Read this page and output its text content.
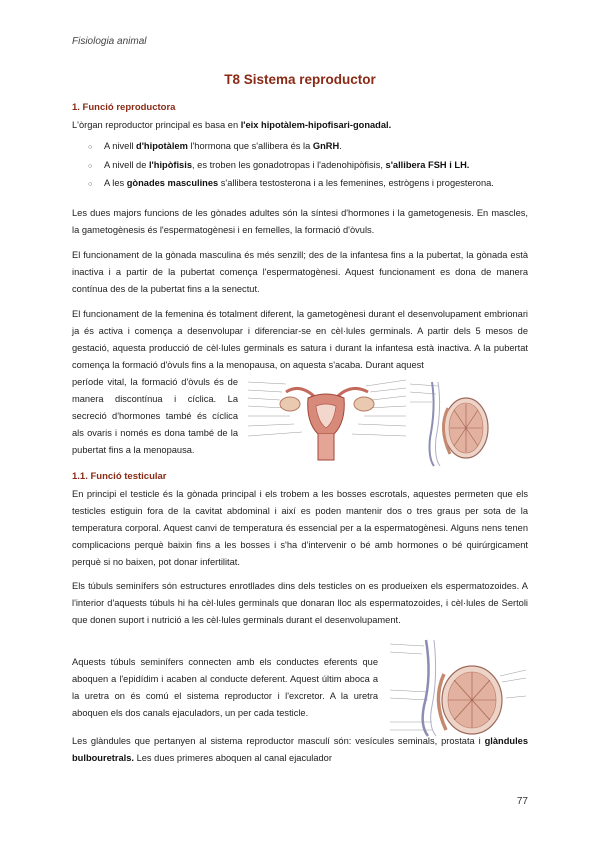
Fisiologia animal
T8 Sistema reproductor
1. Funció reproductora

L'òrgan reproductor principal es basa en l'eix hipotàlem-hipofisari-gonadal.

○ A nivell d'hipotàlem l'hormona que s'allibera és la GnRH.
○ A nivell de l'hipòfisis, es troben les gonadotropas i l'adenohipòfisis, s'allibera FSH i LH.
○ A les gònades masculines s'allibera testosterona i a les femenines, estrògens i progesterona.

Les dues majors funcions de les gònades adultes són la síntesi d'hormones i la gametogenesis. En mascles, la gametogènesis és l'espermatogènesi i en femelles, la formació d'òvuls.

El funcionament de la gònada masculina és més senzill; des de la infantesa fins a la pubertat, la gònada està inactiva i a partir de la pubertat comença l'espermatogènesi. Aquest funcionament es dona de manera contínua des de la pubertat fins a la senectut.

El funcionament de la femenina és totalment diferent, la gametogènesi durant el desenvolupament embrionari ja és activa i comença a desenvolupar i diferenciar-se en cèl·lules germinals. A partir dels 5 mesos de gestació, aquesta producció de cèl·lules germinals es satura i durant la infantesa està inactiva. A la pubertat comença la formació d'òvuls fins a la menopausa, on aquesta s'acaba. Durant aquest

període vital, la formació d'òvuls és de manera discontínua i cíclica. La secreció d'hormones també és cíclica als ovaris i només es dona també de la pubertat fins a la menopausa.

1.1. Funció testicular

En principi el testicle és la gònada principal i els trobem a les bosses escrotals, aquestes permeten que els testicles estiguin fora de la cavitat abdominal i així es poden mantenir dos o tres graus per sota de la temperatura corporal. Aquest canvi de temperatura és essencial per a la espermatogènesi. Alguns nens tenen complicacions perquè baixin fins a les bosses i s'ha d'intervenir o bé amb hormones o bé quirúrgicament perquè si no baixen, pot donar infertilitat.

Els túbuls seminífers són estructures enrotllades dins dels testicles on es produeixen els espermatozoides. A l'interior d'aquests túbuls hi ha cèl·lules germinals que donaran lloc als espermatozoides, i cèl·lules de Sertoli que donen suport i nutrició a les cèl·lules germinals durant el desenvolupament.

Aquests túbuls seminífers connecten amb els conductes eferents que aboquen a l'epidídim i acaben al conducte deferent. Aquest últim aboca a la uretra on és comú el sistema reproductor i l'excretor. A la uretra aboquen els dos canals ejaculadors, un per cada testicle.

Les glàndules que pertanyen al sistema reproductor masculí són: vesícules seminals, prostata i glàndules bulbouretrals. Les dues primeres aboquen al canal ejaculador

77
